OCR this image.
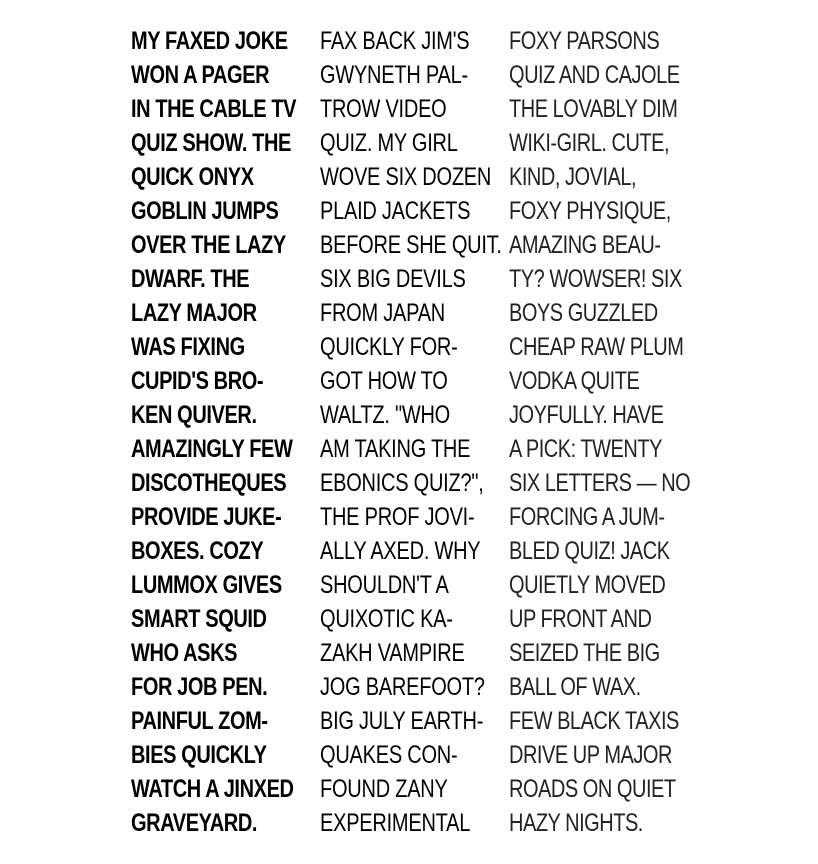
MY FAXED JOKE
WON A PAGER
IN THE CABLE TV
QUIZ SHOW. THE
QUICK ONYX
GOBLIN JUMPS
OVER THE LAZY
DWARF. THE
LAZY MAJOR
WAS FIXING
CUPID'S BRO-
KEN QUIVER.
AMAZINGLY FEW
DISCOTHEQUES
PROVIDE JUKE-
BOXES. COZY
LUMMOX GIVES
SMART SQUID
WHO ASKS
FOR JOB PEN.
PAINFUL ZOM-
BIES QUICKLY
WATCH A JINXED
GRAVEYARD.
FAX BACK JIM'S
GWYNETH PAL-
TROW VIDEO
QUIZ. MY GIRL
WOVE SIX DOZEN
PLAID JACKETS
BEFORE SHE QUIT.
SIX BIG DEVILS
FROM JAPAN
QUICKLY FOR-
GOT HOW TO
WALTZ. "WHO
AM TAKING THE
EBONICS QUIZ?",
THE PROF JOVI-
ALLY AXED. WHY
SHOULDN'T A
QUIXOTIC KA-
ZAKH VAMPIRE
JOG BAREFOOT?
BIG JULY EARTH-
QUAKES CON-
FOUND ZANY
EXPERIMENTAL
FOXY PARSONS
QUIZ AND CAJOLE
THE LOVABLY DIM
WIKI-GIRL. CUTE,
KIND, JOVIAL,
FOXY PHYSIQUE,
AMAZING BEAU-
TY? WOWSER! SIX
BOYS GUZZLED
CHEAP RAW PLUM
VODKA QUITE
JOYFULLY. HAVE
A PICK: TWENTY
SIX LETTERS — NO
FORCING A JUM-
BLED QUIZ! JACK
QUIETLY MOVED
UP FRONT AND
SEIZED THE BIG
BALL OF WAX.
FEW BLACK TAXIS
DRIVE UP MAJOR
ROADS ON QUIET
HAZY NIGHTS.
